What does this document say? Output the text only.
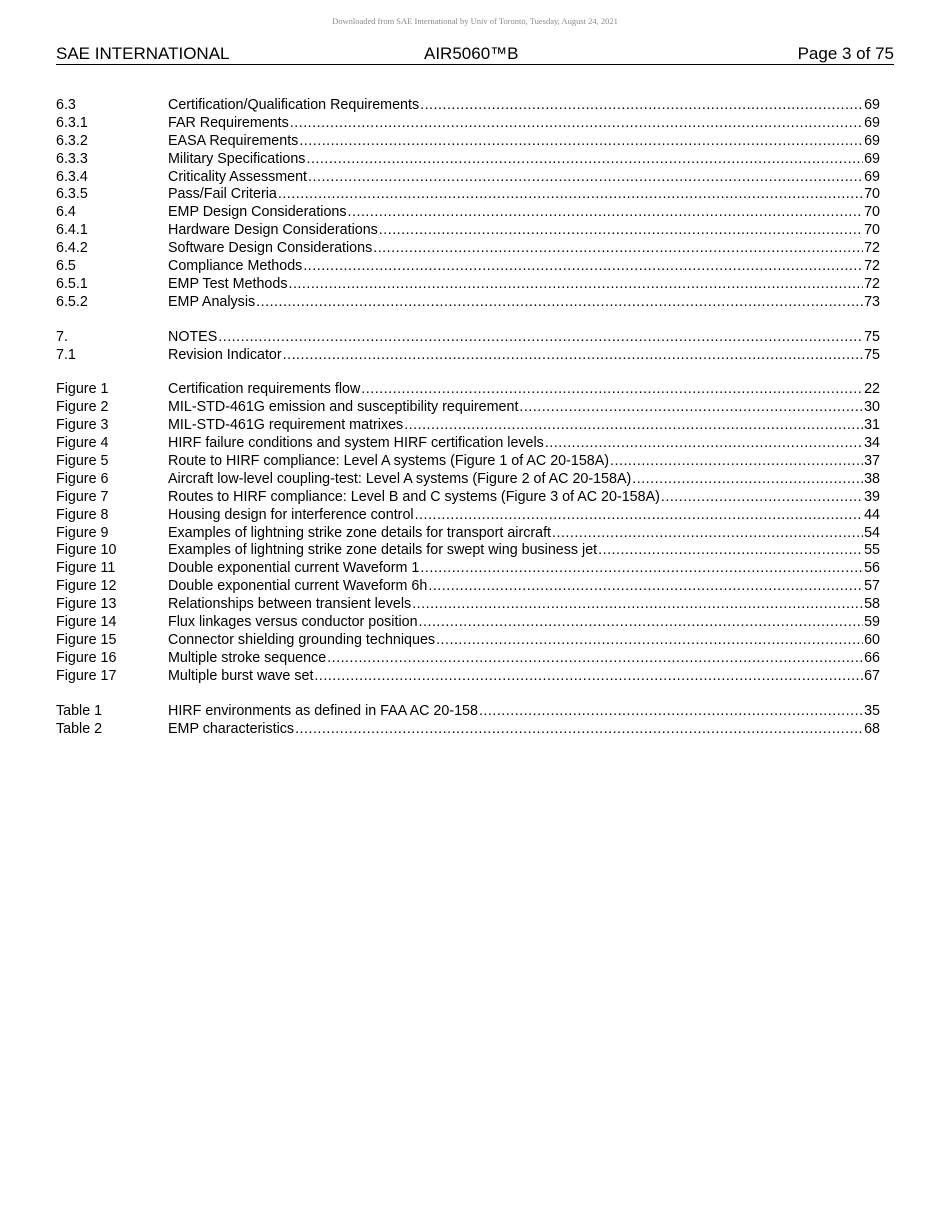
Downloaded from SAE International by Univ of Toronto, Tuesday, August 24, 2021
SAE INTERNATIONAL	AIR5060™B	Page 3 of 75
6.3	Certification/Qualification Requirements .....	69
6.3.1	FAR Requirements .....	69
6.3.2	EASA Requirements .....	69
6.3.3	Military Specifications .....	69
6.3.4	Criticality Assessment .....	69
6.3.5	Pass/Fail Criteria .....	70
6.4	EMP Design Considerations .....	70
6.4.1	Hardware Design Considerations .....	70
6.4.2	Software Design Considerations .....	72
6.5	Compliance Methods .....	72
6.5.1	EMP Test Methods .....	72
6.5.2	EMP Analysis .....	73
7.	NOTES .....	75
7.1	Revision Indicator .....	75
Figure 1	Certification requirements flow .....	22
Figure 2	MIL-STD-461G emission and susceptibility requirement .....	30
Figure 3	MIL-STD-461G requirement matrixes .....	31
Figure 4	HIRF failure conditions and system HIRF certification levels .....	34
Figure 5	Route to HIRF compliance: Level A systems (Figure 1 of AC 20-158A) .....	37
Figure 6	Aircraft low-level coupling-test: Level A systems (Figure 2 of AC 20-158A) .....	38
Figure 7	Routes to HIRF compliance: Level B and C systems (Figure 3 of AC 20-158A) .....	39
Figure 8	Housing design for interference control .....	44
Figure 9	Examples of lightning strike zone details for transport aircraft .....	54
Figure 10	Examples of lightning strike zone details for swept wing business jet .....	55
Figure 11	Double exponential current Waveform 1 .....	56
Figure 12	Double exponential current Waveform 6h .....	57
Figure 13	Relationships between transient levels .....	58
Figure 14	Flux linkages versus conductor position .....	59
Figure 15	Connector shielding grounding techniques .....	60
Figure 16	Multiple stroke sequence .....	66
Figure 17	Multiple burst wave set .....	67
Table 1	HIRF environments as defined in FAA AC 20-158 .....	35
Table 2	EMP characteristics .....	68
